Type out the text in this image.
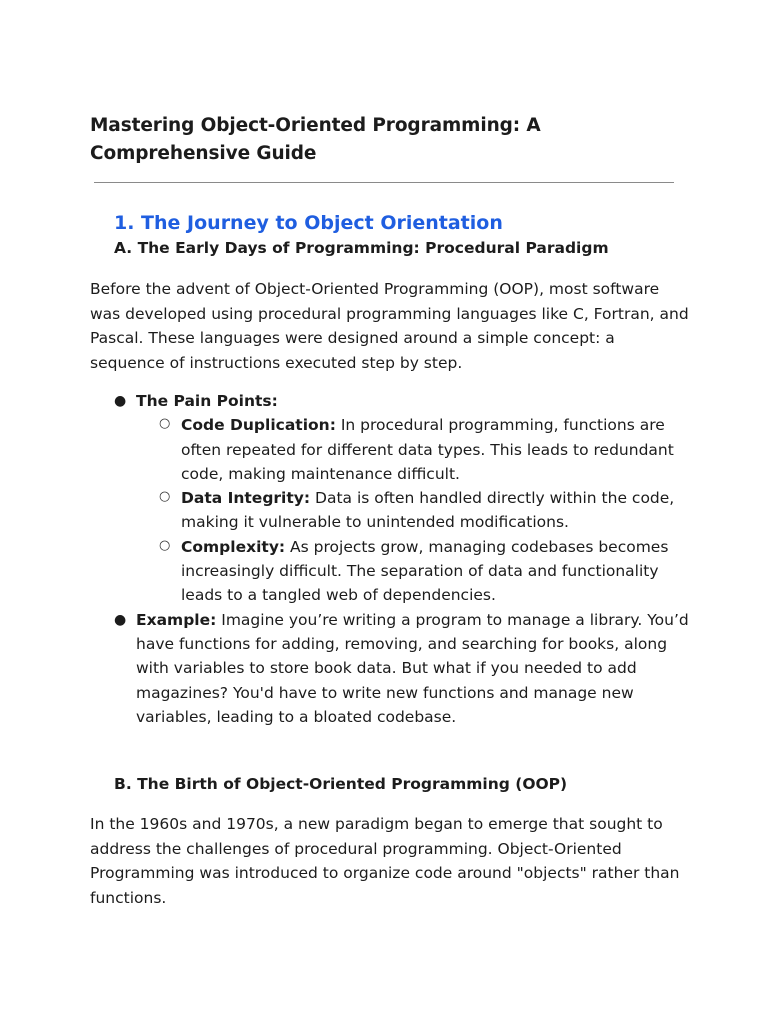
Mastering Object-Oriented Programming: A Comprehensive Guide
1. The Journey to Object Orientation
A. The Early Days of Programming: Procedural Paradigm

Before the advent of Object-Oriented Programming (OOP), most software was developed using procedural programming languages like C, Fortran, and Pascal. These languages were designed around a simple concept: a sequence of instructions executed step by step.

● The Pain Points:
○ Code Duplication: In procedural programming, functions are often repeated for different data types. This leads to redundant code, making maintenance difficult.
○ Data Integrity: Data is often handled directly within the code, making it vulnerable to unintended modifications.
○ Complexity: As projects grow, managing codebases becomes increasingly difficult. The separation of data and functionality leads to a tangled web of dependencies.
● Example: Imagine you’re writing a program to manage a library. You’d have functions for adding, removing, and searching for books, along with variables to store book data. But what if you needed to add magazines? You'd have to write new functions and manage new variables, leading to a bloated codebase.
B. The Birth of Object-Oriented Programming (OOP)

In the 1960s and 1970s, a new paradigm began to emerge that sought to address the challenges of procedural programming. Object-Oriented Programming was introduced to organize code around "objects" rather than functions.
